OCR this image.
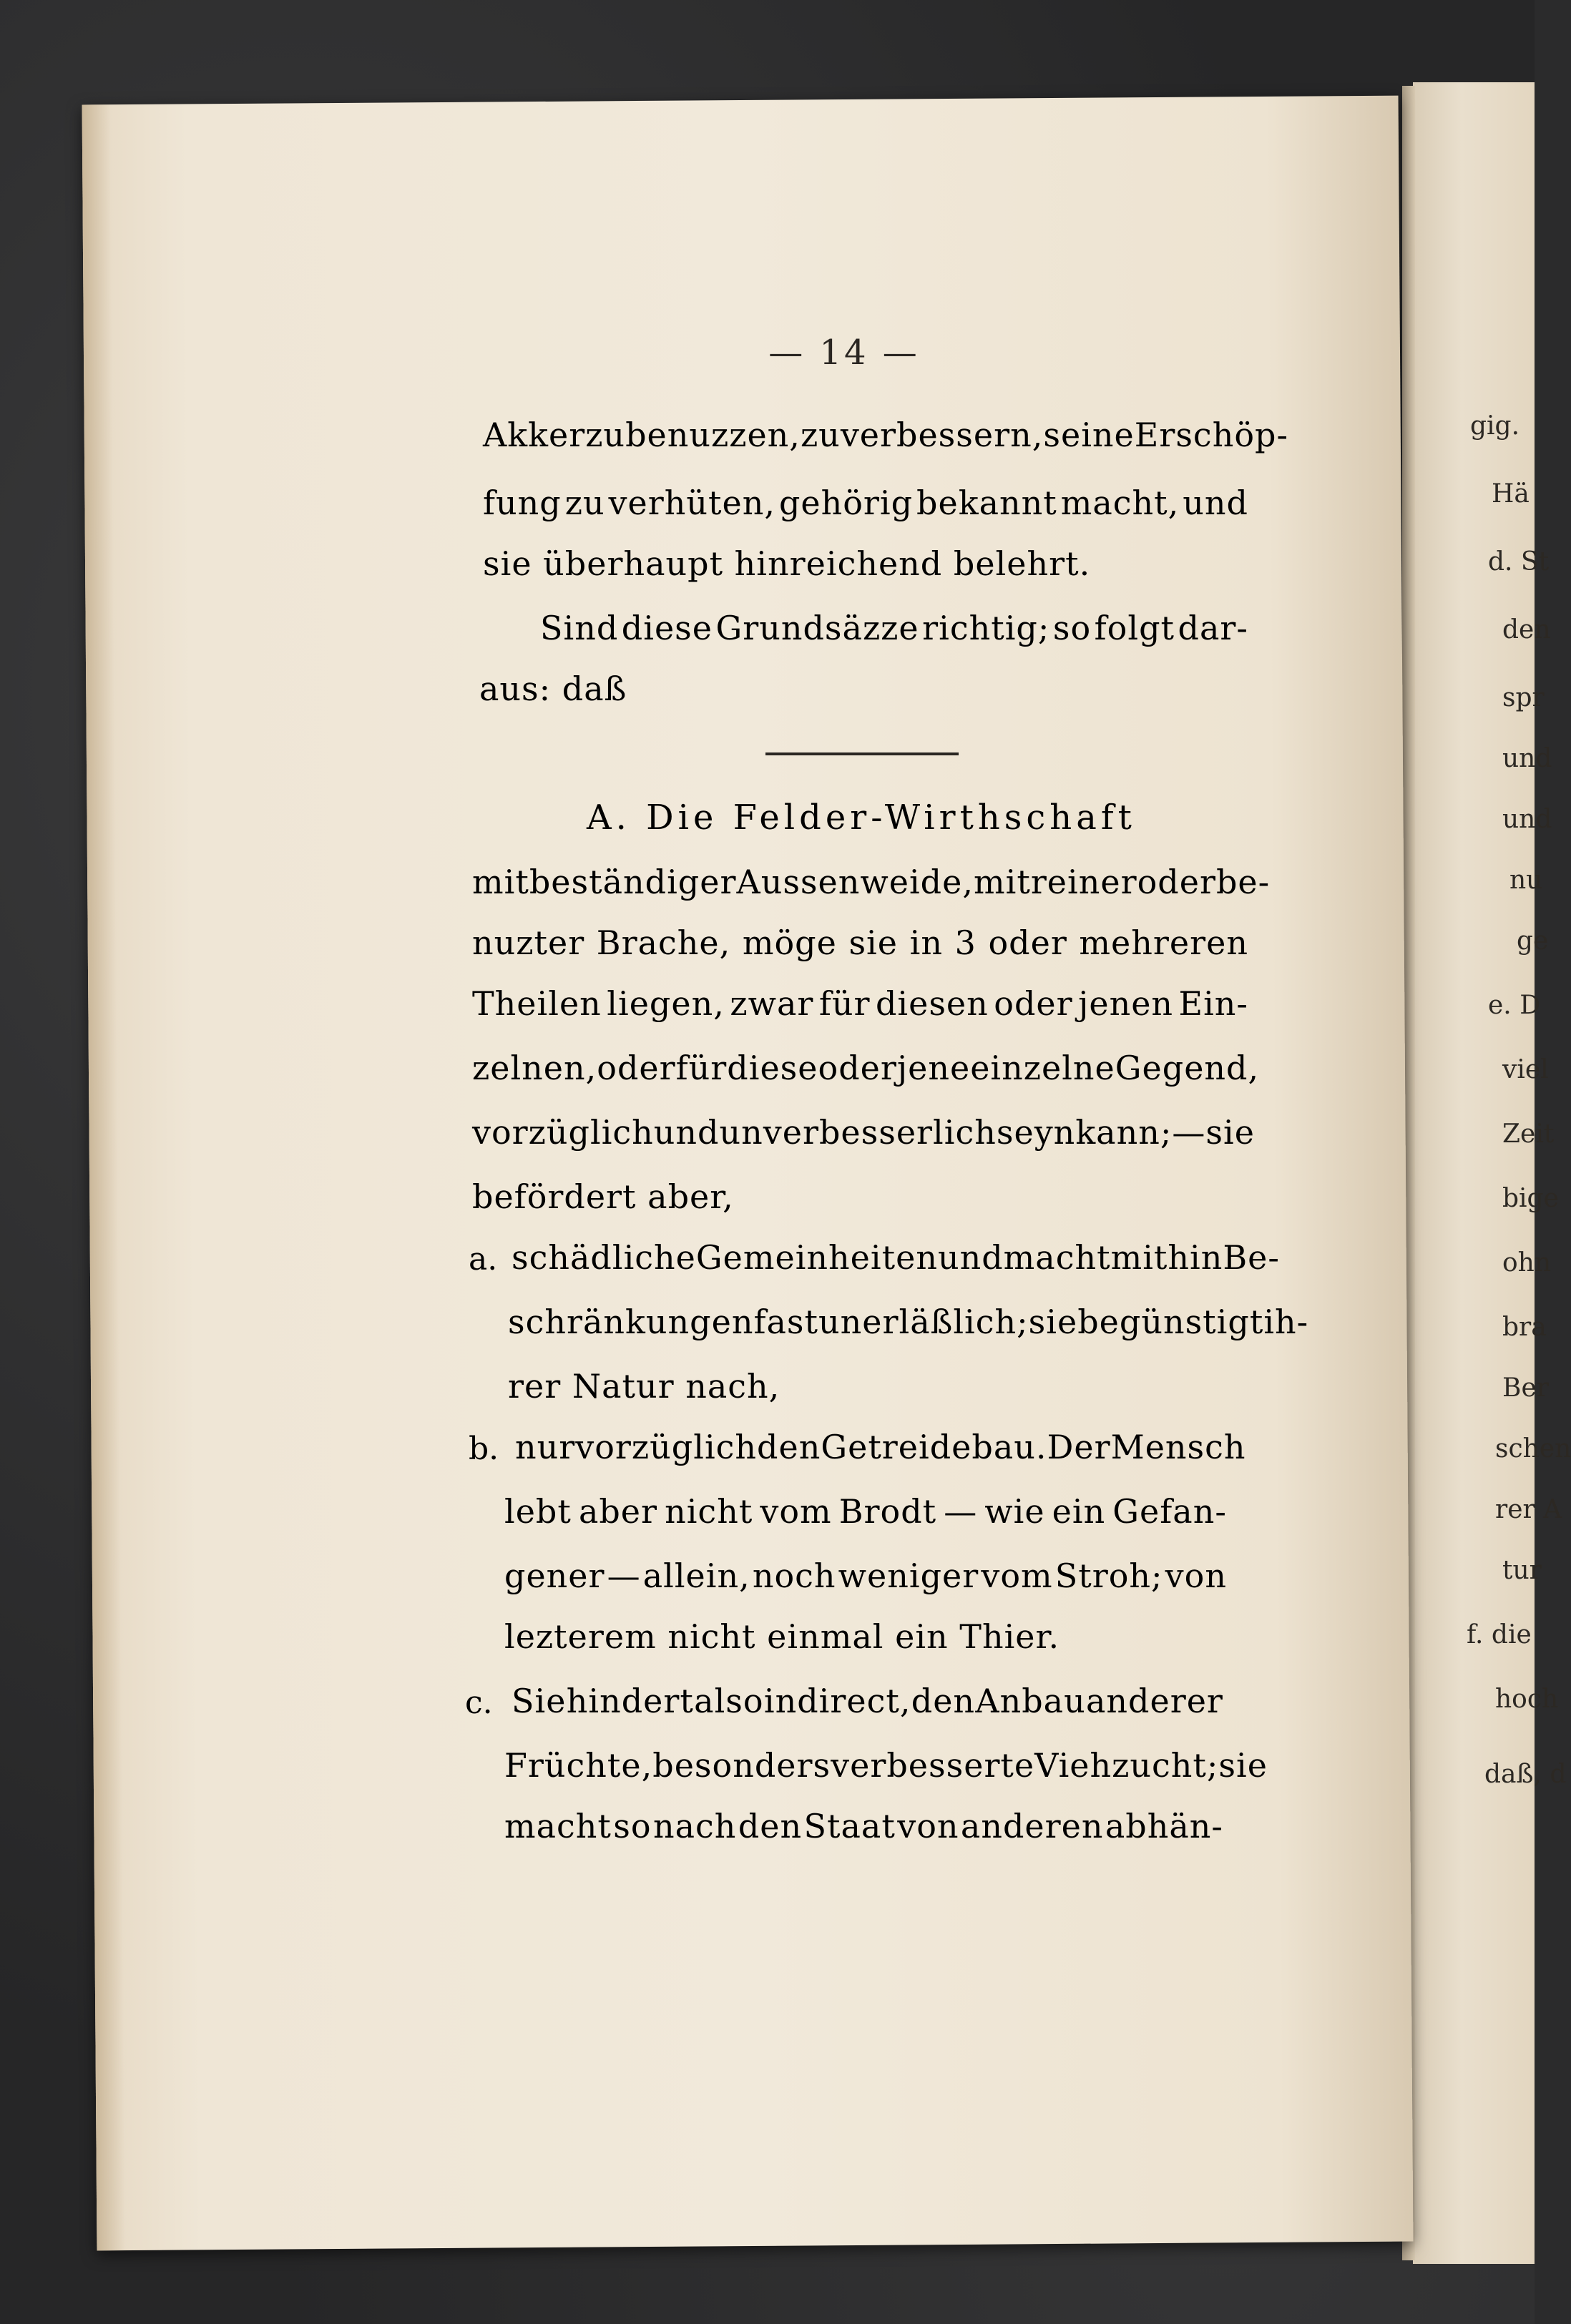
gig.
Hä
d. St
den
spr
und
und
nu
ge
e. D
viel
Zeit
bige
ohn
bra
Ber
schen
rer A
tur
f. die
hoch
daß, d
— 14 —
Akker zu benuzzen, zu verbessern, seine Erschöp-
fung zu verhüten, gehörig bekannt macht, und
sie überhaupt hinreichend belehrt.
Sind diese Grundsäzze richtig; so folgt dar-
aus: daß
A. Die Felder-Wirthschaft
mit beständiger Aussenweide, mit reiner oder be-
nuzter Brache, möge sie in 3 oder mehreren
Theilen liegen, zwar für diesen oder jenen Ein-
zelnen, oder für diese oder jene einzelne Gegend,
vorzüglich und unverbesserlich seyn kann; — sie
befördert aber,
a. schädliche Gemeinheiten und macht mithin Be-
schränkungen fast unerläßlich; sie begünstigt ih-
rer Natur nach,
b. nur vorzüglich den Getreidebau. Der Mensch
lebt aber nicht vom Brodt — wie ein Gefan-
gener — allein, noch weniger vom Stroh; von
lezterem nicht einmal ein Thier.
c. Sie hindert also indirect, den Anbau anderer
Früchte, besonders verbesserte Viehzucht; sie
macht so nach den Staat von anderen abhän-
